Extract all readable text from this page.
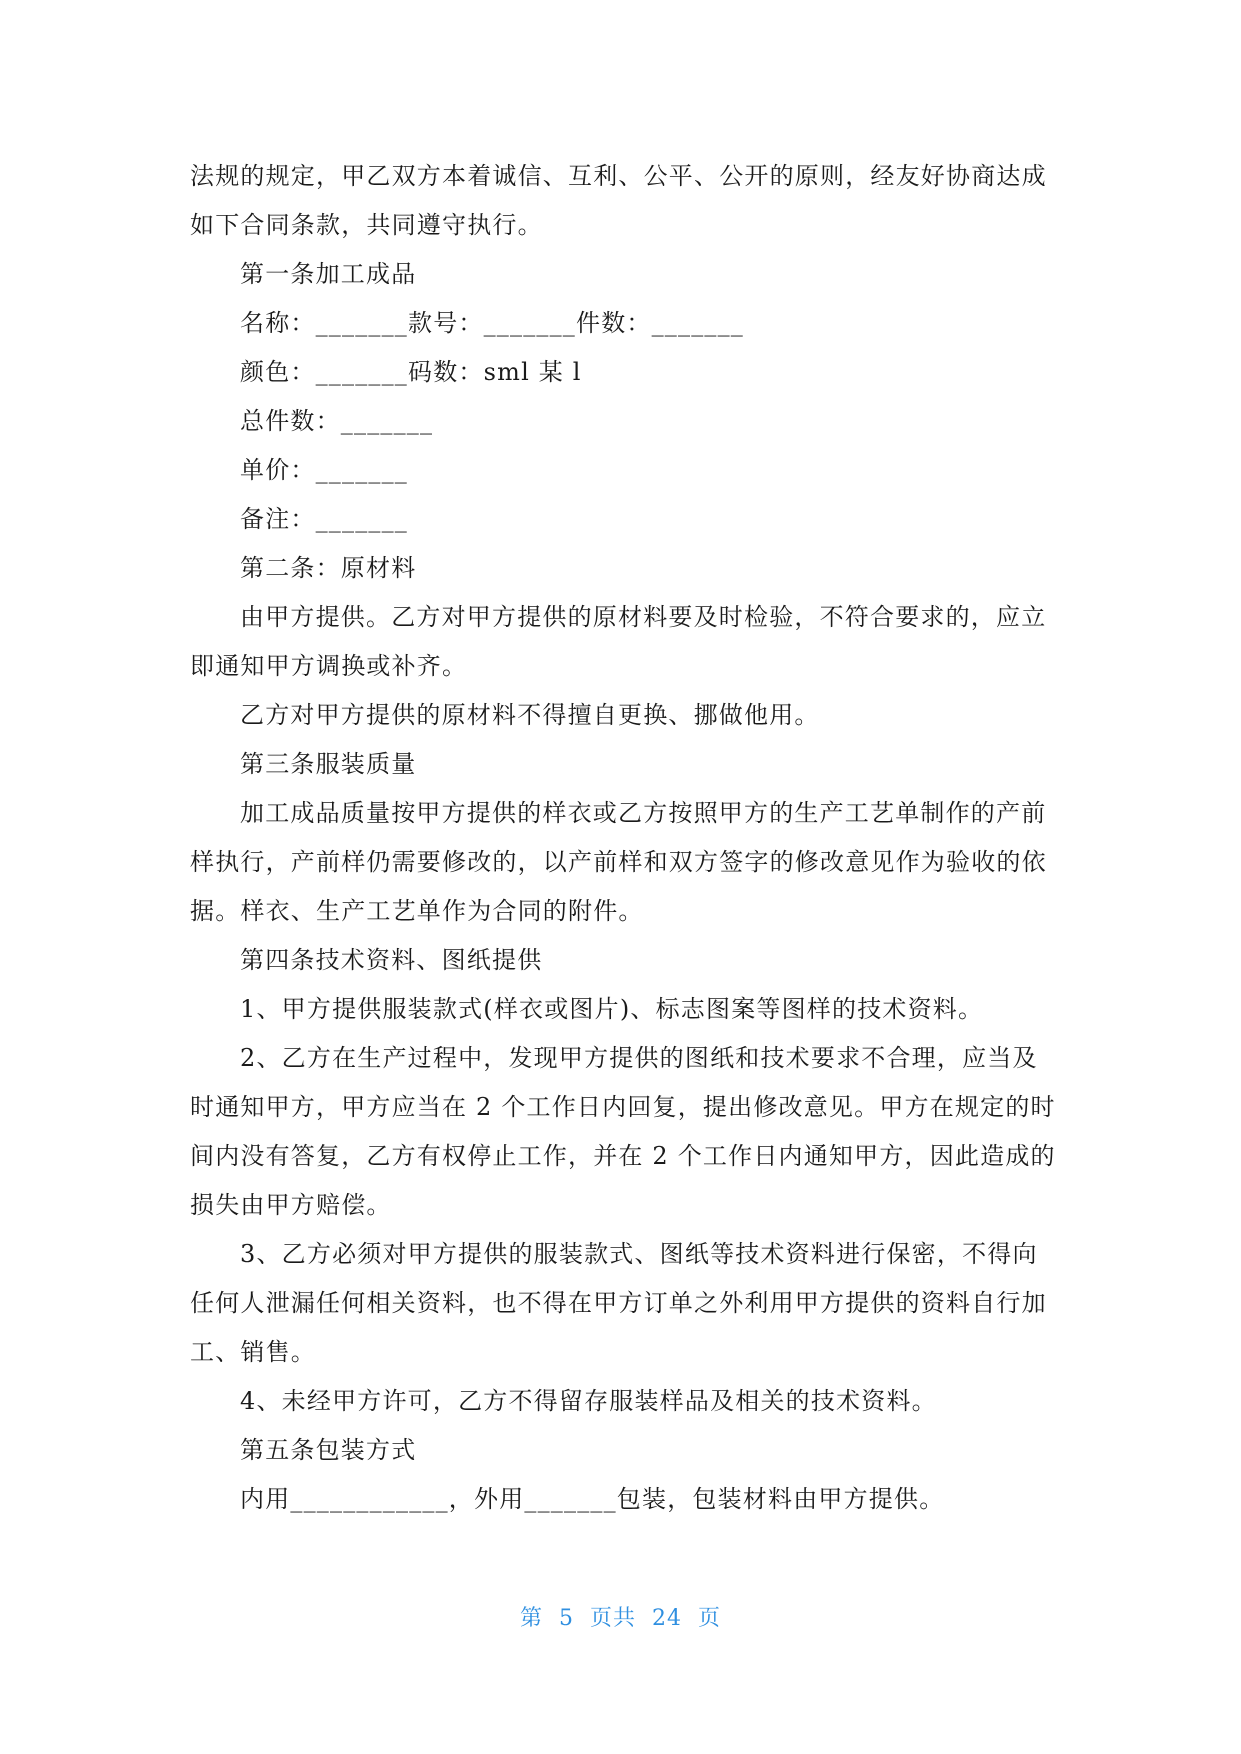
法规的规定，甲乙双方本着诚信、互利、公平、公开的原则，经友好协商达成如下合同条款，共同遵守执行。

第一条加工成品

名称：_______款号：_______件数：_______

颜色：_______码数：sml 某 l

总件数：_______

单价：_______

备注：_______

第二条：原材料

由甲方提供。乙方对甲方提供的原材料要及时检验，不符合要求的，应立即通知甲方调换或补齐。

乙方对甲方提供的原材料不得擅自更换、挪做他用。

第三条服装质量

加工成品质量按甲方提供的样衣或乙方按照甲方的生产工艺单制作的产前样执行，产前样仍需要修改的，以产前样和双方签字的修改意见作为验收的依据。样衣、生产工艺单作为合同的附件。

第四条技术资料、图纸提供

1、甲方提供服装款式(样衣或图片)、标志图案等图样的技术资料。

2、乙方在生产过程中，发现甲方提供的图纸和技术要求不合理，应当及时通知甲方，甲方应当在 2 个工作日内回复，提出修改意见。甲方在规定的时间内没有答复，乙方有权停止工作，并在 2 个工作日内通知甲方，因此造成的损失由甲方赔偿。

3、乙方必须对甲方提供的服装款式、图纸等技术资料进行保密，不得向任何人泄漏任何相关资料，也不得在甲方订单之外利用甲方提供的资料自行加工、销售。

4、未经甲方许可，乙方不得留存服装样品及相关的技术资料。

第五条包装方式

内用____________，外用_______包装，包装材料由甲方提供。

第 5 页共 24 页
